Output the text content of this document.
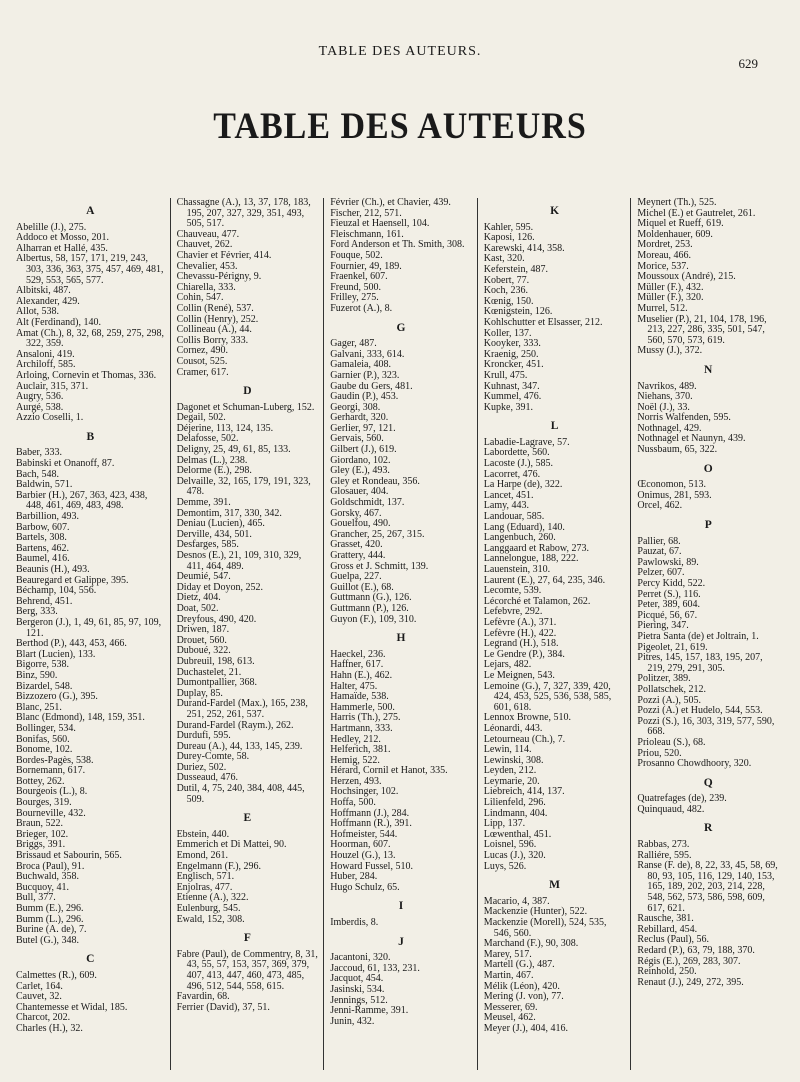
TABLE DES AUTEURS.
629
TABLE DES AUTEURS
A
Abelille (J.), 275.
Addoco et Mosso, 201.
Alharran et Hallé, 435.
Albertus, 58, 157, 171, 219, 243, 303, 336, 363, 375, 457, 469, 481, 529, 553, 565, 577.
Albitski, 487.
Alexander, 429.
Allot, 538.
Alt (Ferdinand), 140.
Amat (Ch.), 8, 32, 68, 259, 275, 298, 322, 359.
Ansaloni, 419.
Archiloff, 585.
Arloing, Cornevin et Thomas, 336.
Auclair, 315, 371.
Augry, 536.
Aurgé, 538.
Azzio Coselli, 1.
B
Baber, 333.
Babinski et Onanoff, 87.
Bach, 548.
Baldwin, 571.
Barbier (H.), 267, 363, 423, 438, 448, 461, 469, 483, 498.
Barbillion, 493.
Barbow, 607.
Bartels, 308.
Bartens, 462.
Baumel, 416.
Beaunis (H.), 493.
Beauregard et Galippe, 395.
Béchamp, 104, 556.
Behrend, 451.
Berg, 333.
Bergeron (J.), 1, 49, 61, 85, 97, 109, 121.
Berthod (P.), 443, 453, 466.
Blart (Lucien), 133.
Bigorre, 538.
Binz, 590.
Bizardel, 548.
Bizzozero (G.), 395.
Blanc, 251.
Blanc (Edmond), 148, 159, 351.
Bollinger, 534.
Bonifas, 560.
Bonome, 102.
Bordes-Pagès, 538.
Bornemann, 617.
Bottey, 262.
Bourgeois (L.), 8.
Bourges, 319.
Bourneville, 432.
Braun, 522.
Brieger, 102.
Briggs, 391.
Brissaud et Sabourin, 565.
Broca (Paul), 91.
Buchwald, 358.
Bucquoy, 41.
Bull, 377.
Bumm (E.), 296.
Bumm (L.), 296.
Burine (A. de), 7.
Butel (G.), 348.
C
Calmettes (R.), 609.
Carlet, 164.
Cauvet, 32.
Chantemesse et Widal, 185.
Charcot, 202.
Charles (H.), 32.
Chassagne (A.), 13, 37, 178, 183, 195, 207, 327, 329, 351, 493, 505, 517.
Chauveau, 477.
Chauvet, 262.
Chavier et Février, 414.
Chevalier, 453.
Chevassu-Périgny, 9.
Chiarella, 333.
Cohin, 547.
Collin (René), 537.
Collin (Henry), 252.
Collineau (A.), 44.
Collis Borry, 333.
Cornez, 490.
Cousot, 525.
Cramer, 617.
D
Dagonet et Schuman-Luberg, 152.
Degail, 502.
Déjerine, 113, 124, 135.
Delafosse, 502.
Deligny, 25, 49, 61, 85, 133.
Delmas (L.), 238.
Delorme (E.), 298.
Delvaille, 32, 165, 179, 191, 323, 478.
Demme, 391.
Demontim, 317, 330, 342.
Deniau (Lucien), 465.
Derville, 434, 501.
Desfarges, 585.
Desnos (E.), 21, 109, 310, 329, 411, 464, 489.
Deumié, 547.
Diday et Doyon, 252.
Dietz, 404.
Doat, 502.
Dreyfous, 490, 420.
Driwen, 187.
Drouet, 560.
Duboué, 322.
Dubreuil, 198, 613.
Duchastelet, 21.
Dumontpallier, 368.
Duplay, 85.
Durand-Fardel (Max.), 165, 238, 251, 252, 261, 537.
Durand-Fardel (Raym.), 262.
Durdufi, 595.
Dureau (A.), 44, 133, 145, 239.
Durey-Comte, 58.
Duriez, 502.
Dusseaud, 476.
Dutil, 4, 75, 240, 384, 408, 445, 509.
E
Ebstein, 440.
Emmerich et Di Mattei, 90.
Emond, 261.
Engelmann (F.), 296.
Englisch, 571.
Enjolras, 477.
Etienne (A.), 322.
Eulenburg, 545.
Ewald, 152, 308.
F
Fabre (Paul), de Commentry, 8, 31, 43, 55, 57, 153, 357, 369, 379, 407, 413, 447, 460, 473, 485, 496, 512, 544, 558, 615.
Favardin, 68.
Ferrier (David), 37, 51.
Février (Ch.), et Chavier, 439.
Fischer, 212, 571.
Fieuzal et Haensell, 104.
Fleischmann, 161.
Ford Anderson et Th. Smith, 308.
Fouque, 502.
Fournier, 49, 189.
Fraenkel, 607.
Freund, 500.
Frilley, 275.
Fuzerot (A.), 8.
G
Gager, 487.
Galvani, 333, 614.
Gamaleia, 408.
Garnier (P.), 323.
Gaube du Gers, 481.
Gaudin (P.), 453.
Georgi, 308.
Gerhardt, 320.
Gerlier, 97, 121.
Gervais, 560.
Gilbert (J.), 619.
Giordano, 102.
Gley (E.), 493.
Gley et Rondeau, 356.
Glosauer, 404.
Goldschmidt, 137.
Gorsky, 467.
Gouelfou, 490.
Grancher, 25, 267, 315.
Grasset, 420.
Grattery, 444.
Gross et J. Schmitt, 139.
Guelpa, 227.
Guillot (E.), 68.
Guttmann (G.), 126.
Guttmann (P.), 126.
Guyon (F.), 109, 310.
H
Haeckel, 236.
Haffner, 617.
Hahn (E.), 462.
Halter, 475.
Hamaïde, 538.
Hammerle, 500.
Harris (Th.), 275.
Hartmann, 333.
Hedley, 212.
Helferich, 381.
Hemig, 522.
Hérard, Cornil et Hanot, 335.
Herzen, 493.
Hochsinger, 102.
Hoffa, 500.
Hoffmann (J.), 284.
Hoffmann (R.), 391.
Hofmeister, 544.
Hoorman, 607.
Houzel (G.), 13.
Howard Fussel, 510.
Huber, 284.
Hugo Schulz, 65.
I
Imberdis, 8.
J
Jacantoni, 320.
Jaccoud, 61, 133, 231.
Jacquot, 454.
Jasinski, 534.
Jennings, 512.
Jenni-Ramme, 391.
Junin, 432.
K
Kahler, 595.
Kaposi, 126.
Karewski, 414, 358.
Kast, 320.
Keferstein, 487.
Kobert, 77.
Koch, 236.
Kœnig, 150.
Kœnigstein, 126.
Kohlschutter et Elsasser, 212.
Koller, 137.
Kooyker, 333.
Kraenig, 250.
Kroncker, 451.
Krull, 475.
Kuhnast, 347.
Kummel, 476.
Kupke, 391.
L
Labadie-Lagrave, 57.
Labordette, 560.
Lacoste (J.), 585.
Lacorret, 476.
La Harpe (de), 322.
Lancet, 451.
Lamy, 443.
Landouar, 585.
Lang (Eduard), 140.
Langenbuch, 260.
Langgaard et Rabow, 273.
Lannelongue, 188, 222.
Lauenstein, 310.
Laurent (E.), 27, 64, 235, 346.
Lecomte, 539.
Lécorché et Talamon, 262.
Lefebvre, 292.
Lefèvre (A.), 371.
Lefèvre (H.), 422.
Legrand (H.), 518.
Le Gendre (P.), 384.
Lejars, 482.
Le Meignen, 543.
Lemoine (G.), 7, 327, 339, 420, 424, 453, 525, 536, 538, 585, 601, 618.
Lennox Browne, 510.
Léonardi, 443.
Letourneau (Ch.), 7.
Lewin, 114.
Lewinski, 308.
Leyden, 212.
Leymarie, 20.
Liebreich, 414, 137.
Lilienfeld, 296.
Lindmann, 404.
Lipp, 137.
Lœwenthal, 451.
Loisnel, 596.
Lucas (J.), 320.
Luys, 526.
M
Macario, 4, 387.
Mackenzie (Hunter), 522.
Mackenzie (Morell), 524, 535, 546, 560.
Marchand (F.), 90, 308.
Marey, 517.
Martell (G.), 487.
Martin, 467.
Mélik (Léon), 420.
Mering (J. von), 77.
Messerer, 69.
Meusel, 462.
Meyer (J.), 404, 416.
Meynert (Th.), 525.
Michel (E.) et Gautrelet, 261.
Miquel et Rueff, 619.
Moldenhauer, 609.
Mordret, 253.
Moreau, 466.
Morice, 537.
Moussoux (André), 215.
Müller (F.), 432.
Müller (F.), 320.
Murrel, 512.
Muselier (P.), 21, 104, 178, 196, 213, 227, 286, 335, 501, 547, 560, 570, 573, 619.
Mussy (J.), 372.
N
Navrikos, 489.
Niehans, 370.
Noël (J.), 33.
Norris Walfenden, 595.
Nothnagel, 429.
Nothnagel et Naunyn, 439.
Nussbaum, 65, 322.
O
Œconomon, 513.
Onimus, 281, 593.
Orcel, 462.
P
Pallier, 68.
Pauzat, 67.
Pawlowski, 89.
Pelzer, 607.
Percy Kidd, 522.
Perret (S.), 116.
Peter, 389, 604.
Picqué, 56, 67.
Piering, 347.
Pietra Santa (de) et Joltrain, 1.
Pigeolet, 21, 619.
Pitres, 145, 157, 183, 195, 207, 219, 279, 291, 305.
Politzer, 389.
Pollatschek, 212.
Pozzi (A.), 505.
Pozzi (A.) et Hudelo, 544, 553.
Pozzi (S.), 16, 303, 319, 577, 590, 668.
Prioleau (S.), 68.
Priou, 520.
Prosanno Chowdhoory, 320.
Q
Quatrefages (de), 239.
Quinquaud, 482.
R
Rabbas, 273.
Ralliére, 595.
Ranse (F. de), 8, 22, 33, 45, 58, 69, 80, 93, 105, 116, 129, 140, 153, 165, 189, 202, 203, 214, 228, 548, 562, 573, 586, 598, 609, 617, 621.
Rausche, 381.
Rebillard, 454.
Reclus (Paul), 56.
Redard (P.), 63, 79, 188, 370.
Régis (E.), 269, 283, 307.
Reinhold, 250.
Renaut (J.), 249, 272, 395.
